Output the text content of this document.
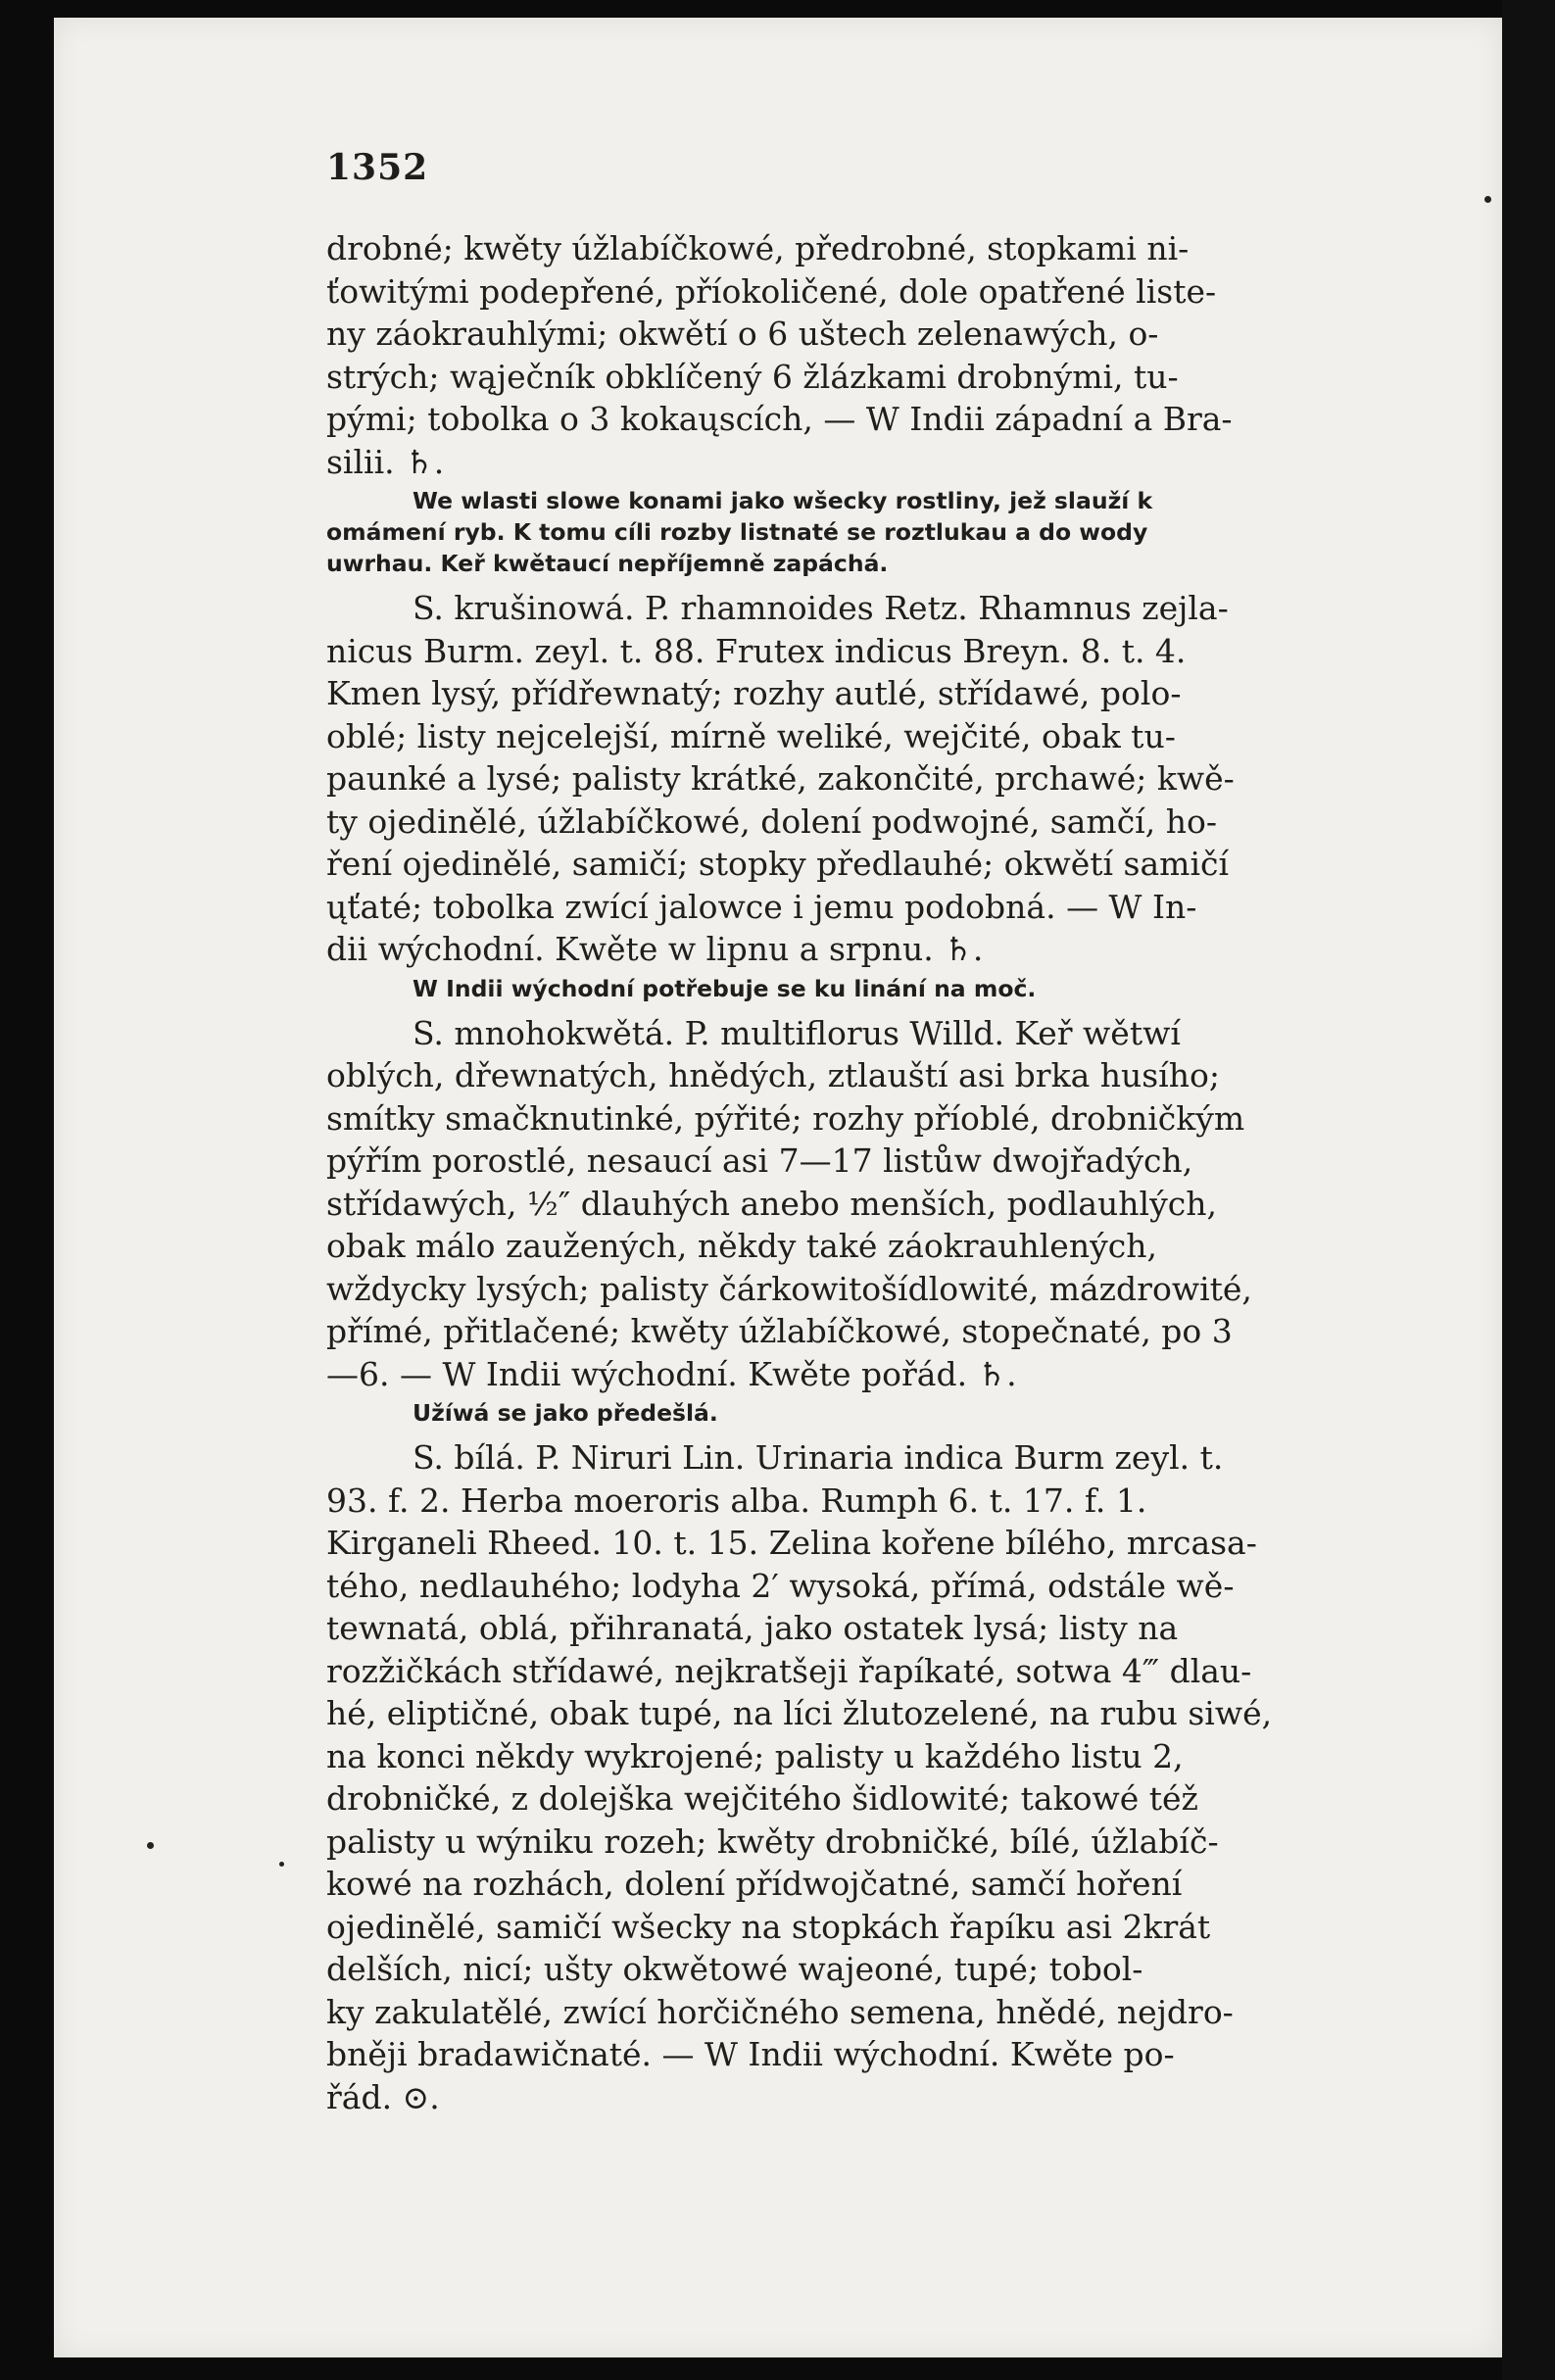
1352
drobné; kwěty úžlabíčkowé, předrobné, stopkami ni-
ťowitými podepřené, příokoličené, dole opatřené liste-
ny záokrauhlými; okwětí o 6 uštech zelenawých, o-
strých; wąječník obklíčený 6 žlázkami drobnými, tu-
pými; tobolka o 3 kokaųscích, — W Indii západní a Bra-
silii. ♄.
We wlasti slowe konami jako wšecky rostliny, jež slauží k
omámení ryb. K tomu cíli rozby listnaté se roztlukau a do wody
uwrhau. Keř kwětaucí nepříjemně zapáchá.
S. krušinowá. P. rhamnoides Retz. Rhamnus zejla-
nicus Burm. zeyl. t. 88. Frutex indicus Breyn. 8. t. 4.
Kmen lysý, přídřewnatý; rozhy autlé, střídawé, polo-
oblé; listy nejcelejší, mírně weliké, wejčité, obak tu-
paunké a lysé; palisty krátké, zakončité, prchawé; kwě-
ty ojedinělé, úžlabíčkowé, dolení podwojné, samčí, ho-
ření ojedinělé, samičí; stopky předlauhé; okwětí samičí
ųťaté; tobolka zwící jalowce i jemu podobná. — W In-
dii wýchodní. Kwěte w lipnu a srpnu. ♄.
W Indii wýchodní potřebuje se ku linání na moč.
S. mnohokwětá. P. multiflorus Willd. Keř wětwí
oblých, dřewnatých, hnědých, ztlauští asi brka husího;
smítky smačknutinké, pýřité; rozhy příoblé, drobničkým
pýřím porostlé, nesaucí asi 7—17 listůw dwojřadých,
střídawých, ½″ dlauhých anebo menších, podlauhlých,
obak málo zaužených, někdy také záokrauhlených,
wždycky lysých; palisty čárkowitošídlowité, mázdrowité,
přímé, přitlačené; kwěty úžlabíčkowé, stopečnaté, po 3
—6. — W Indii wýchodní. Kwěte pořád. ♄.
Užíwá se jako předešlá.
S. bílá. P. Niruri Lin. Urinaria indica Burm zeyl. t.
93. f. 2. Herba moeroris alba. Rumph 6. t. 17. f. 1.
Kirganeli Rheed. 10. t. 15. Zelina kořene bílého, mrcasa-
tého, nedlauhého; lodyha 2′ wysoká, přímá, odstále wě-
tewnatá, oblá, přihranatá, jako ostatek lysá; listy na
rozžičkách střídawé, nejkratšeji řapíkaté, sotwa 4‴ dlau-
hé, eliptičné, obak tupé, na líci žlutozelené, na rubu siwé,
na konci někdy wykrojené; palisty u každého listu 2,
drobničké, z dolejška wejčitého šidlowité; takowé též
palisty u wýniku rozeh; kwěty drobničké, bílé, úžlabíč-
kowé na rozhách, dolení přídwojčatné, samčí hoření
ojedinělé, samičí wšecky na stopkách řapíku asi 2krát
delších, nicí; ušty okwětowé wajeoné, tupé; tobol-
ky zakulatělé, zwící horčičného semena, hnědé, nejdro-
bněji bradawičnaté. — W Indii wýchodní. Kwěte po-
řád. ⊙.
